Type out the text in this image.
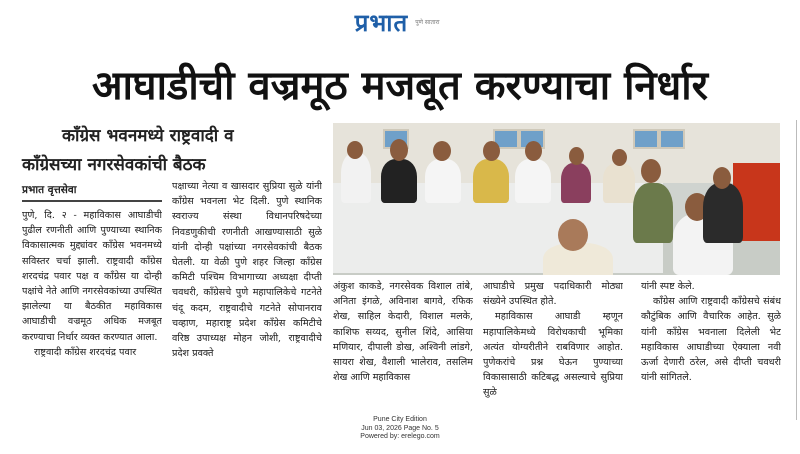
प्रभात पुणे सातारा
आघाडीची वज्रमूठ मजबूत करण्याचा निर्धार
कॉंग्रेस भवनमध्ये राष्ट्रवादी व
कॉंग्रेसच्या नगरसेवकांची बैठक
प्रभात वृत्तसेवा

पुणे, दि. २ - महाविकास आघाडीची पुढील रणनीती आणि पुण्याच्या स्थानिक विकासात्मक मुद्द्यांवर कॉंग्रेस भवनमध्ये सविस्तर चर्चा झाली. राष्ट्रवादी कॉंग्रेस शरदचंद्र पवार पक्ष व कॉंग्रेस या दोन्ही पक्षांचे नेते आणि नगरसेवकांच्या उपस्थित झालेल्या या बैठकीत महाविकास आघाडीची वज्रमूठ अधिक मजबूत करण्याचा निर्धार व्यक्त करण्यात आला.

राष्ट्रवादी कॉंग्रेस शरदचंद्र पवार

पक्षाच्या नेत्या व खासदार सुप्रिया सुळे यांनी कॉंग्रेस भवनला भेट दिली. पुणे स्थानिक स्वराज्य संस्था विधानपरिषदेच्या निवडणुकीची रणनीती आखण्यासाठी सुळे यांनी दोन्ही पक्षांच्या नगरसेवकांची बैठक घेतली. या वेळी पुणे शहर जिल्हा कॉंग्रेस कमिटी पश्चिम विभागाच्या अध्यक्षा दीप्ती चवधरी, कॉंग्रेसचे पुणे महापालिकेचे गटनेते चंदू कदम, राष्ट्रवादीचे गटनेते सोपानराव चव्हाण, महाराष्ट्र प्रदेश कॉंग्रेस कमिटीचे वरिष्ठ उपाध्यक्ष मोहन जोशी, राष्ट्रवादीचे प्रदेश प्रवक्ते

अंकुश काकडे, नगरसेवक विशाल तांबे, अनिता इंगळे, अविनाश बागवे, रफिक शेख, साहिल केदारी, विशाल मलके, काशिफ सय्यद, सुनील शिंदे, आसिया मणियार, दीपाली डोख, अश्विनी लांडगे, सायरा शेख, वैशाली भालेराव, तसलिम शेख आणि महाविकास

आघाडीचे प्रमुख पदाधिकारी मोठ्या संख्येने उपस्थित होते.

महाविकास आघाडी म्हणून महापालिकेमध्ये विरोधकाची भूमिका अत्यंत योग्यरीतीने राबविणार आहोत. पुणेकरांचे प्रश्न घेऊन पुण्याच्या विकासासाठी कटिबद्ध असल्याचे सुप्रिया सुळे

यांनी स्पष्ट केले.

कॉंग्रेस आणि राष्ट्रवादी कॉंग्रेसचे संबंध कौटुंबिक आणि वैचारिक आहेत. सुळे यांनी कॉंग्रेस भवनाला दिलेली भेट महाविकास आघाडीच्या ऐक्याला नवी ऊर्जा देणारी ठरेल, असे दीप्ती चवधरी यांनी सांगितले.

Pune City Edition
Jun 03, 2026 Page No. 5
Powered by: erelego.com
